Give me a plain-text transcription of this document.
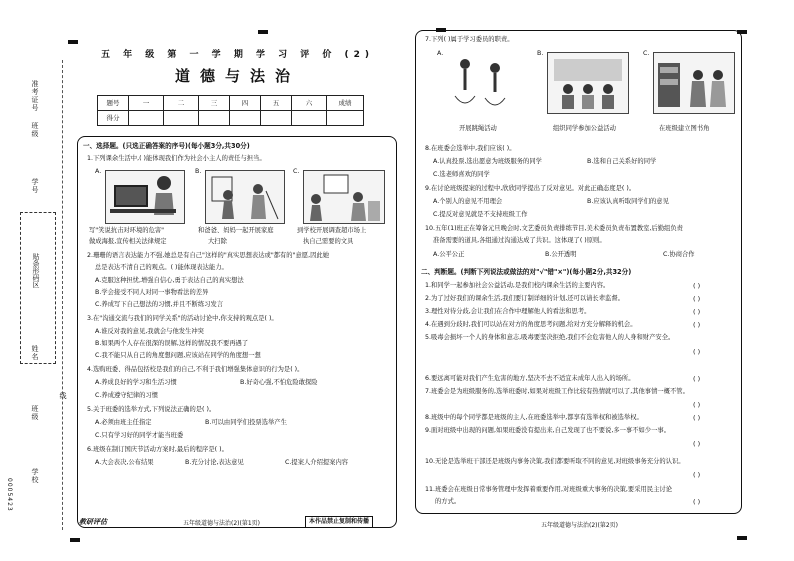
准考证号
班级
学号
贴条形码区
姓名
班级
学校
0005423
线
五 年 级 第 一 学 期 学 习 评 价 (2)
道德与法治
题号	一	二	三	四	五	六	成绩
得分							
一、选择题。(只选正确答案的序号)(每小题3分,共30分)
1.下列课余生活中,( )能体现我们作为社会小主人的责任与担当。
A.	B.	C.
写"笑说抗击对环境的危害"	和爸爸、妈妈一起开展家庭	到学校开展调查超市场上
做成海报,宣传相关法律规定	大扫除	执自己需要的文具
2.珊珊的语言表达能力不强,她总是有自己"这样的"真实思想表达或"都有的"意愿,因此她
总是表达不清自己的观点。( )能体现表达能力。
A.克服这种担忧,增强自信心,勇于表达自己的真实想法
B.学会接受不同人对同一事物看法的差异
C.养成写下自己想法的习惯,并且不断练习发言
3.在"沟通交流与我们的同学关系"的活动讨论中,你支持的观点是( )。
A.谁反对我的意见,我就会与他发生冲突
B.如果两个人存在很深的误解,这样的情况我不要再遇了
C.我不能只从自己的角度想问题,应该站在同学的角度想一想
4.选购班委、得品包括校是我们的自己,不利于我们增强集体意识的行为是( )。
A.养成良好的学习和生活习惯	B.好奇心强,不怕危险敢探险
C.养成遵守纪律的习惯
5.关于班委的选举方式,下列说法正确的是( )。
A.必须由班主任指定	B.可以由同学们投票选举产生
C.只有学习好的同学才能当班委
6.班级在制订国庆节活动方案时,最后的程序是( )。
A.大会表决,公布结果	B.充分讨论,表达意见	C.提案人介绍提案内容
教研评估	五年级道德与法治(2)(第1页)	本作品禁止复制和传播
7.下列( )属于学习委员的职责。
A.	B.	C.
开展跳绳活动	组织同学参加公益活动	在班级建立图书角
8.在班委会选举中,我们应该( )。
A.认真投票,选出愿意为班级服务的同学	B.选和自己关系好的同学
C.选老师喜欢的同学
9.在讨论班级提案的过程中,欣欣同学提出了反对意见。对此正确态度是( )。
A.个别人的意见不用理会	B.应该认真听取同学们的意见
C.提反对意见就是不支持班级工作
10.五年(1)班正在筹备元旦晚会时,文艺委员负责排练节目,美术委员负责布置教室,后勤组负责
准备需要的道具,各组通过沟通达成了共识。这体现了( )原则。
A.公平公正	B.公开透明	C.协商合作
二、判断题。(判断下列说法或做法的对"√"错"×")(每小题2分,共32分)
1.和同学一起参加社会公益活动,是我们校内课余生活的主要内容。	( )
2.为了过好我们的课余生活,我们要订制详细的计划,还可以请长辈监督。	( )
3.理性对待分歧,会让我们在合作中理解他人的看法和思考。	( )
4.在遇到分歧时,我们可以站在对方的角度思考问题,给对方充分解释的机会。	( )
5.吸毒会损坏一个人的身体和意志,吸毒要坚决拒绝,我们不会危害他人的人身和财产安全。
( )
6.要远离可能对我们产生危害的地方,坚决不去不适宜未成年人出入的场所。	( )
7.班委会是为班级服务的,选举班委时,如果对班级工作比较有热情就可以了,其他事情一概不管。
( )
8.班级中的每个同学都是班级的主人,在班委选举中,都享有选举权和被选举权。	( )
9.面对班级中出现的问题,如果班委没有提出来,自己发现了也不要说,多一事不如少一事。
( )
10.无论是选举班干部还是班级内事务决策,我们都要听取不同的意见,对班级事务充分的认识。
( )
11.班委会在班级日常事务管理中发挥着重要作用,对班级重大事务的决策,要采用民主讨论
的方式。	( )
五年级道德与法治(2)(第2页)
